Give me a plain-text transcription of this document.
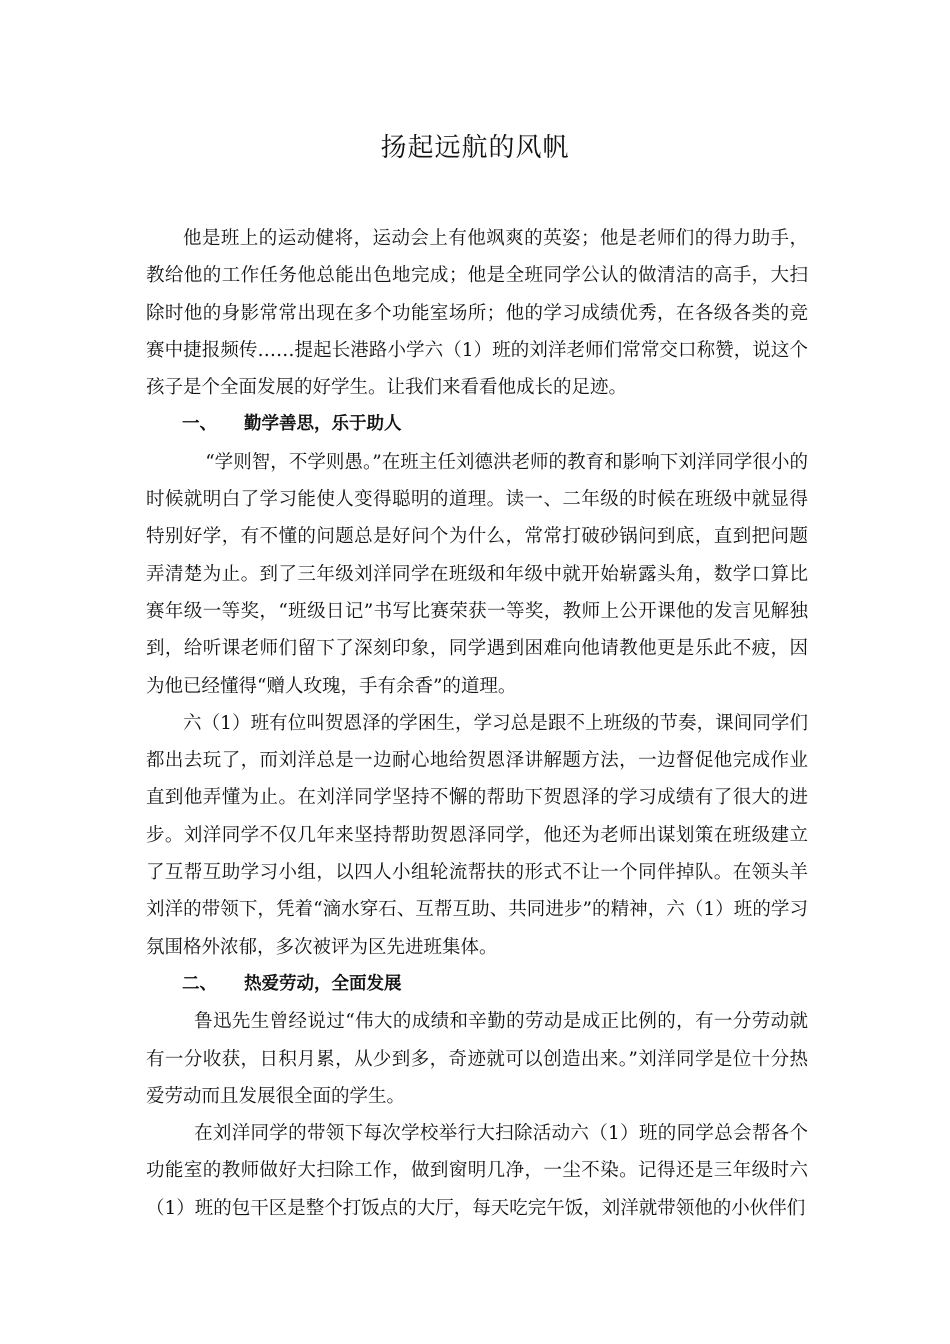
扬起远航的风帆

他是班上的运动健将，运动会上有他飒爽的英姿；他是老师们的得力助手，教给他的工作任务他总能出色地完成；他是全班同学公认的做清洁的高手，大扫除时他的身影常常出现在多个功能室场所；他的学习成绩优秀，在各级各类的竞赛中捷报频传……提起长港路小学六（1）班的刘洋老师们常常交口称赞，说这个孩子是个全面发展的好学生。让我们来看看他成长的足迹。

一、 勤学善思，乐于助人

“学则智，不学则愚。”在班主任刘德洪老师的教育和影响下刘洋同学很小的时候就明白了学习能使人变得聪明的道理。读一、二年级的时候在班级中就显得特别好学，有不懂的问题总是好问个为什么，常常打破砂锅问到底，直到把问题弄清楚为止。到了三年级刘洋同学在班级和年级中就开始崭露头角，数学口算比赛年级一等奖，“班级日记”书写比赛荣获一等奖，教师上公开课他的发言见解独到，给听课老师们留下了深刻印象，同学遇到困难向他请教他更是乐此不疲，因为他已经懂得“赠人玫瑰，手有余香”的道理。

六（1）班有位叫贺恩泽的学困生，学习总是跟不上班级的节奏，课间同学们都出去玩了，而刘洋总是一边耐心地给贺恩泽讲解题方法，一边督促他完成作业直到他弄懂为止。在刘洋同学坚持不懈的帮助下贺恩泽的学习成绩有了很大的进步。刘洋同学不仅几年来坚持帮助贺恩泽同学，他还为老师出谋划策在班级建立了互帮互助学习小组，以四人小组轮流帮扶的形式不让一个同伴掉队。在领头羊刘洋的带领下，凭着“滴水穿石、互帮互助、共同进步”的精神，六（1）班的学习氛围格外浓郁，多次被评为区先进班集体。

二、 热爱劳动，全面发展

鲁迅先生曾经说过“伟大的成绩和辛勤的劳动是成正比例的，有一分劳动就有一分收获，日积月累，从少到多，奇迹就可以创造出来。”刘洋同学是位十分热爱劳动而且发展很全面的学生。

在刘洋同学的带领下每次学校举行大扫除活动六（1）班的同学总会帮各个功能室的教师做好大扫除工作，做到窗明几净，一尘不染。记得还是三年级时六（1）班的包干区是整个打饭点的大厅，每天吃完午饭，刘洋就带领他的小伙伴们
